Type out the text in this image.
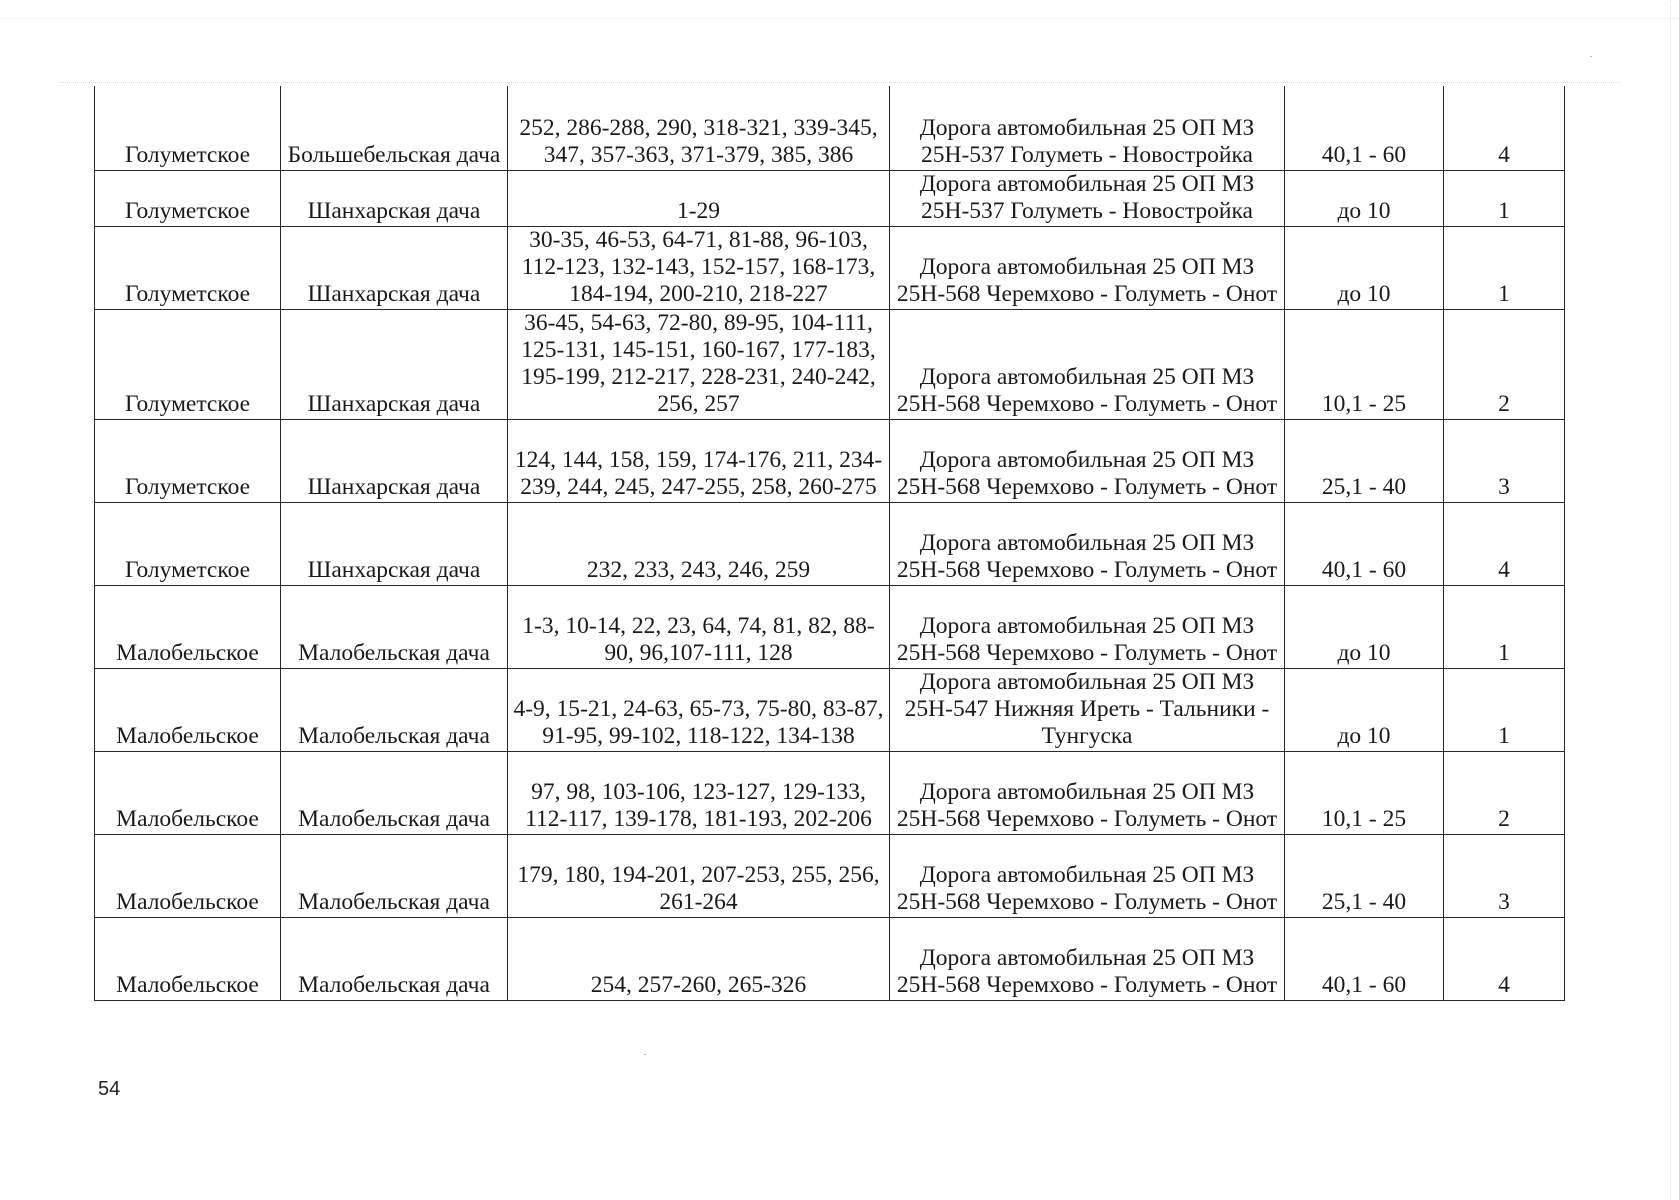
Голуметское	Большебельская дача	252, 286-288, 290, 318-321, 339-345, 347, 357-363, 371-379, 385, 386	Дорога автомобильная 25 ОП МЗ 25Н-537 Голуметь - Новостройка	40,1 - 60	4
Голуметское	Шанхарская дача	1-29	Дорога автомобильная 25 ОП МЗ 25Н-537 Голуметь - Новостройка	до 10	1
Голуметское	Шанхарская дача	30-35, 46-53, 64-71, 81-88, 96-103, 112-123, 132-143, 152-157, 168-173, 184-194, 200-210, 218-227	Дорога автомобильная 25 ОП МЗ 25Н-568 Черемхово - Голуметь - Онот	до 10	1
Голуметское	Шанхарская дача	36-45, 54-63, 72-80, 89-95, 104-111, 125-131, 145-151, 160-167, 177-183, 195-199, 212-217, 228-231, 240-242, 256, 257	Дорога автомобильная 25 ОП МЗ 25Н-568 Черемхово - Голуметь - Онот	10,1 - 25	2
Голуметское	Шанхарская дача	124, 144, 158, 159, 174-176, 211, 234-239, 244, 245, 247-255, 258, 260-275	Дорога автомобильная 25 ОП МЗ 25Н-568 Черемхово - Голуметь - Онот	25,1 - 40	3
Голуметское	Шанхарская дача	232, 233, 243, 246, 259	Дорога автомобильная 25 ОП МЗ 25Н-568 Черемхово - Голуметь - Онот	40,1 - 60	4
Малобельское	Малобельская дача	1-3, 10-14, 22, 23, 64, 74, 81, 82, 88-90, 96,107-111, 128	Дорога автомобильная 25 ОП МЗ 25Н-568 Черемхово - Голуметь - Онот	до 10	1
Малобельское	Малобельская дача	4-9, 15-21, 24-63, 65-73, 75-80, 83-87, 91-95, 99-102, 118-122, 134-138	Дорога автомобильная 25 ОП МЗ 25Н-547 Нижняя Иреть - Тальники - Тунгуска	до 10	1
Малобельское	Малобельская дача	97, 98, 103-106, 123-127, 129-133, 112-117, 139-178, 181-193, 202-206	Дорога автомобильная 25 ОП МЗ 25Н-568 Черемхово - Голуметь - Онот	10,1 - 25	2
Малобельское	Малобельская дача	179, 180, 194-201, 207-253, 255, 256, 261-264	Дорога автомобильная 25 ОП МЗ 25Н-568 Черемхово - Голуметь - Онот	25,1 - 40	3
Малобельское	Малобельская дача	254, 257-260, 265-326	Дорога автомобильная 25 ОП МЗ 25Н-568 Черемхово - Голуметь - Онот	40,1 - 60	4
54
